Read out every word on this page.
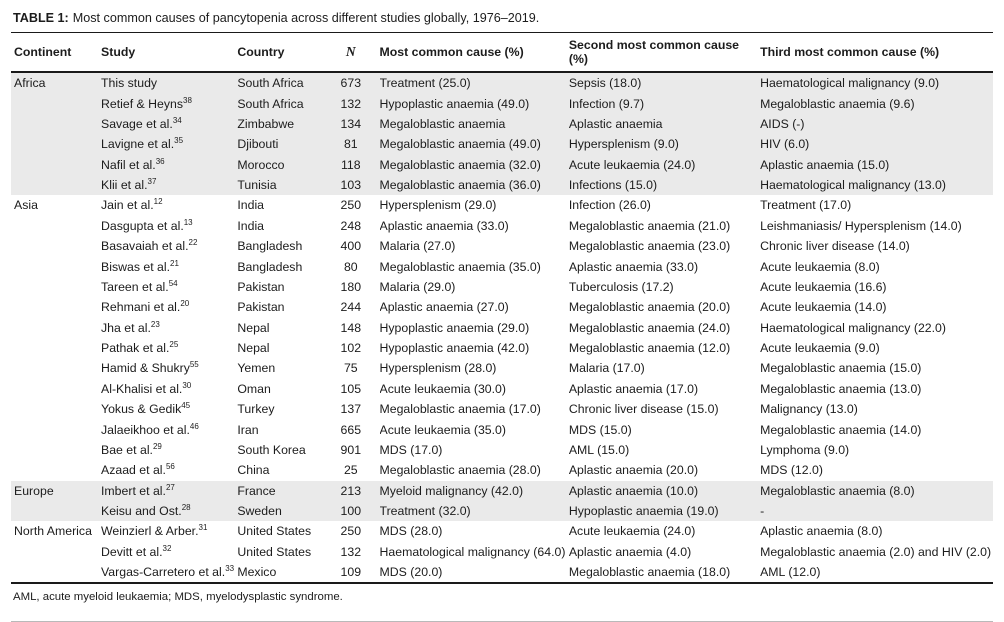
TABLE 1: Most common causes of pancytopenia across different studies globally, 1976–2019.
Continent	Study	Country	N	Most common cause (%)	Second most common cause (%)	Third most common cause (%)
Africa	This study	South Africa	673	Treatment (25.0)	Sepsis (18.0)	Haematological malignancy (9.0)
	Retief & Heyns$^{38}$	South Africa	132	Hypoplastic anaemia (49.0)	Infection (9.7)	Megaloblastic anaemia (9.6)
	Savage et al.$^{34}$	Zimbabwe	134	Megaloblastic anaemia	Aplastic anaemia	AIDS (-)
	Lavigne et al.$^{35}$	Djibouti	81	Megaloblastic anaemia (49.0)	Hypersplenism (9.0)	HIV (6.0)
	Nafil et al.$^{36}$	Morocco	118	Megaloblastic anaemia (32.0)	Acute leukaemia (24.0)	Aplastic anaemia (15.0)
	Klii et al.$^{37}$	Tunisia	103	Megaloblastic anaemia (36.0)	Infections (15.0)	Haematological malignancy (13.0)
Asia	Jain et al.$^{12}$	India	250	Hypersplenism (29.0)	Infection (26.0)	Treatment (17.0)
	Dasgupta et al.$^{13}$	India	248	Aplastic anaemia (33.0)	Megaloblastic anaemia (21.0)	Leishmaniasis/ Hypersplenism (14.0)
	Basavaiah et al.$^{22}$	Bangladesh	400	Malaria (27.0)	Megaloblastic anaemia (23.0)	Chronic liver disease (14.0)
	Biswas et al.$^{21}$	Bangladesh	80	Megaloblastic anaemia (35.0)	Aplastic anaemia (33.0)	Acute leukaemia (8.0)
	Tareen et al.$^{54}$	Pakistan	180	Malaria (29.0)	Tuberculosis (17.2)	Acute leukaemia (16.6)
	Rehmani et al.$^{20}$	Pakistan	244	Aplastic anaemia (27.0)	Megaloblastic anaemia (20.0)	Acute leukaemia (14.0)
	Jha et al.$^{23}$	Nepal	148	Hypoplastic anaemia (29.0)	Megaloblastic anaemia (24.0)	Haematological malignancy (22.0)
	Pathak et al.$^{25}$	Nepal	102	Hypoplastic anaemia (42.0)	Megaloblastic anaemia (12.0)	Acute leukaemia (9.0)
	Hamid & Shukry$^{55}$	Yemen	75	Hypersplenism (28.0)	Malaria (17.0)	Megaloblastic anaemia (15.0)
	Al-Khalisi et al.$^{30}$	Oman	105	Acute leukaemia (30.0)	Aplastic anaemia (17.0)	Megaloblastic anaemia (13.0)
	Yokus & Gedik$^{45}$	Turkey	137	Megaloblastic anaemia (17.0)	Chronic liver disease (15.0)	Malignancy (13.0)
	Jalaeikhoo et al.$^{46}$	Iran	665	Acute leukaemia (35.0)	MDS (15.0)	Megaloblastic anaemia (14.0)
	Bae et al.$^{29}$	South Korea	901	MDS (17.0)	AML (15.0)	Lymphoma (9.0)
	Azaad et al.$^{56}$	China	25	Megaloblastic anaemia (28.0)	Aplastic anaemia (20.0)	MDS (12.0)
Europe	Imbert et al.$^{27}$	France	213	Myeloid malignancy (42.0)	Aplastic anaemia (10.0)	Megaloblastic anaemia (8.0)
	Keisu and Ost.$^{28}$	Sweden	100	Treatment (32.0)	Hypoplastic anaemia (19.0)	-
North America	Weinzierl & Arber.$^{31}$	United States	250	MDS (28.0)	Acute leukaemia (24.0)	Aplastic anaemia (8.0)
	Devitt et al.$^{32}$	United States	132	Haematological malignancy (64.0)	Aplastic anaemia (4.0)	Megaloblastic anaemia (2.0) and HIV (2.0)
	Vargas-Carretero et al.$^{33}$	Mexico	109	MDS (20.0)	Megaloblastic anaemia (18.0)	AML (12.0)
AML, acute myeloid leukaemia; MDS, myelodysplastic syndrome.
